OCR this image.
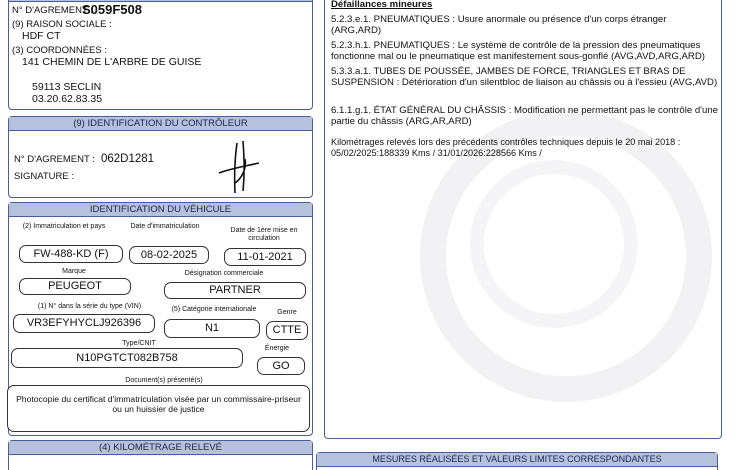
N° D'AGREMENT :
S059F508
(9) RAISON SOCIALE :
HDF CT
(3) COORDONNÉES :
141 CHEMIN DE L'ARBRE DE GUISE
59113 SECLIN
03.20.62.83.35
(9) IDENTIFICATION DU CONTRÔLEUR
N° D'AGREMENT : 062D1281
SIGNATURE :
IDENTIFICATION DU VÉHICULE
(2) Immatriculation et pays	Date d'immatriculation
Date de 1ère mise en circulation
FW-488-KD (F)	08-02-2025	11-01-2021
Marque	Désignation commerciale
PEUGEOT	PARTNER
(1) N° dans la série du type (VIN)	(5) Catégorie internationale	Genre
VR3EFYHYCLJ926396	N1	CTTE
Type/CNIT
Énergie
N10PGTCT082B758
GO
Document(s) présenté(s)
Photocopie du certificat d'immatriculation visée par un commissaire-priseur ou un huissier de justice
(4) KILOMÉTRAGE RELEVÉ
Défaillances mineures
5.2.3.e.1. PNEUMATIQUES : Usure anormale ou présence d'un corps étranger (ARG,ARD)
5.2.3.h.1. PNEUMATIQUES : Le système de contrôle de la pression des pneumatiques fonctionne mal ou le pneumatique est manifestement sous-gonflé (AVG,AVD,ARG,ARD)
5.3.3.a.1. TUBES DE POUSSÉE, JAMBES DE FORCE, TRIANGLES ET BRAS DE SUSPENSION : Détérioration d'un silentbloc de liaison au châssis ou à l'essieu (AVG,AVD)
6.1.1.g.1. ÉTAT GÉNÉRAL DU CHÂSSIS : Modification ne permettant pas le contrôle d'une partie du châssis (ARG,AR,ARD)
Kilométrages relevés lors des précédents contrôles techniques depuis le 20 mai 2018 : 05/02/2025:188339 Kms / 31/01/2026:228566 Kms /
MESURES RÉALISÉES ET VALEURS LIMITES CORRESPONDANTES
